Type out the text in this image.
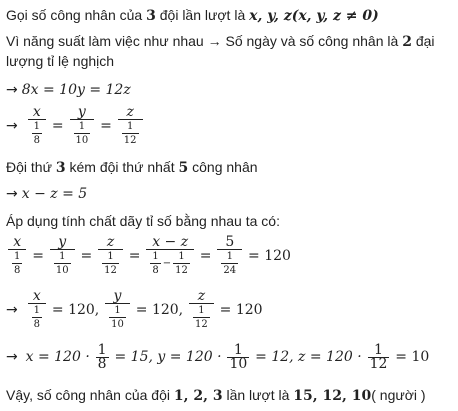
Gọi số công nhân của 3 đội lần lượt là x, y, z(x, y, z ≠ 0)
Vì năng suất làm việc như nhau → Số ngày và số công nhân là 2 đại
lượng tỉ lệ nghịch
→ 8x = 10y = 12z
→ $\frac{x}{\frac{1}{8}} = \frac{y}{\frac{1}{10}} = \frac{z}{\frac{1}{12}}$
Đội thứ 3 kém đội thứ nhất 5 công nhân
→ x − z = 5
Áp dụng tính chất dãy tỉ số bằng nhau ta có:
$\frac{x}{\frac{1}{8}} = \frac{y}{\frac{1}{10}} = \frac{z}{\frac{1}{12}} = \frac{x - z}{\frac{1}{8} - \frac{1}{12}} = \frac{5}{\frac{1}{24}} = 120$
→ $\frac{x}{\frac{1}{8}} = 120$, $\frac{y}{\frac{1}{10}} = 120$, $\frac{z}{\frac{1}{12}} = 120$
→ $x = 120 \cdot \frac{1}{8} = 15$, $y = 120 \cdot \frac{1}{10} = 12$, $z = 120 \cdot \frac{1}{12} = 10$
Vậy, số công nhân của đội 1, 2, 3 lần lượt là 15, 12, 10( người )
